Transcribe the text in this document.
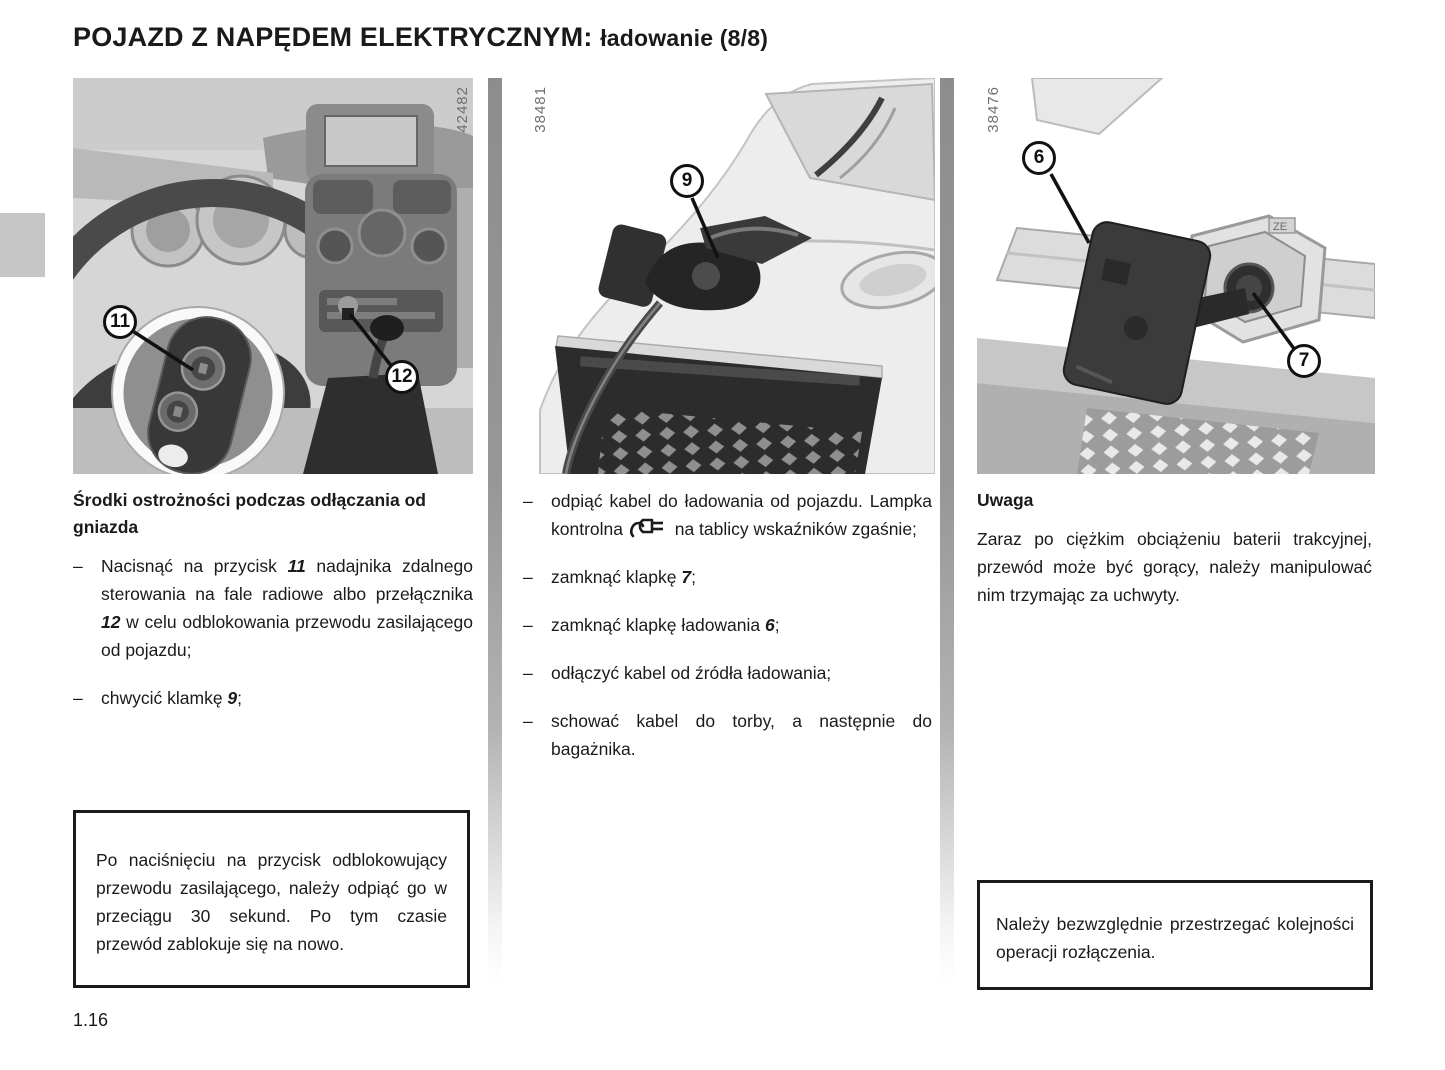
POJAZD Z NAPĘDEM ELEKTRYCZNYM: ładowanie (8/8)
42482
11
12
Środki ostrożności podczas odłączania od gniazda
–	Nacisnąć na przycisk 11 nadajnika zdalnego sterowania na fale radiowe albo przełącznika 12 w celu odblokowania przewodu zasilającego od pojazdu;
–	chwycić klamkę 9;
38481
9
–	odpiąć kabel do ładowania od pojazdu. Lampka kontrolna  na tablicy wskaźników zgaśnie;
–	zamknąć klapkę 7;
–	zamknąć klapkę ładowania 6;
–	odłączyć kabel od źródła ładowania;
–	schować kabel do torby, a następnie do bagażnika.
ZE
38476
6
7
Uwaga

Zaraz po ciężkim obciążeniu baterii trakcyjnej, przewód może być gorący, należy manipulować nim trzymając za uchwyty.

Po naciśnięciu na przycisk odblokowujący przewodu zasilającego, należy odpiąć go w przeciągu 30 sekund. Po tym czasie przewód zablokuje się na nowo.
Należy bezwzględnie przestrzegać kolejności operacji rozłączenia.
1.16
